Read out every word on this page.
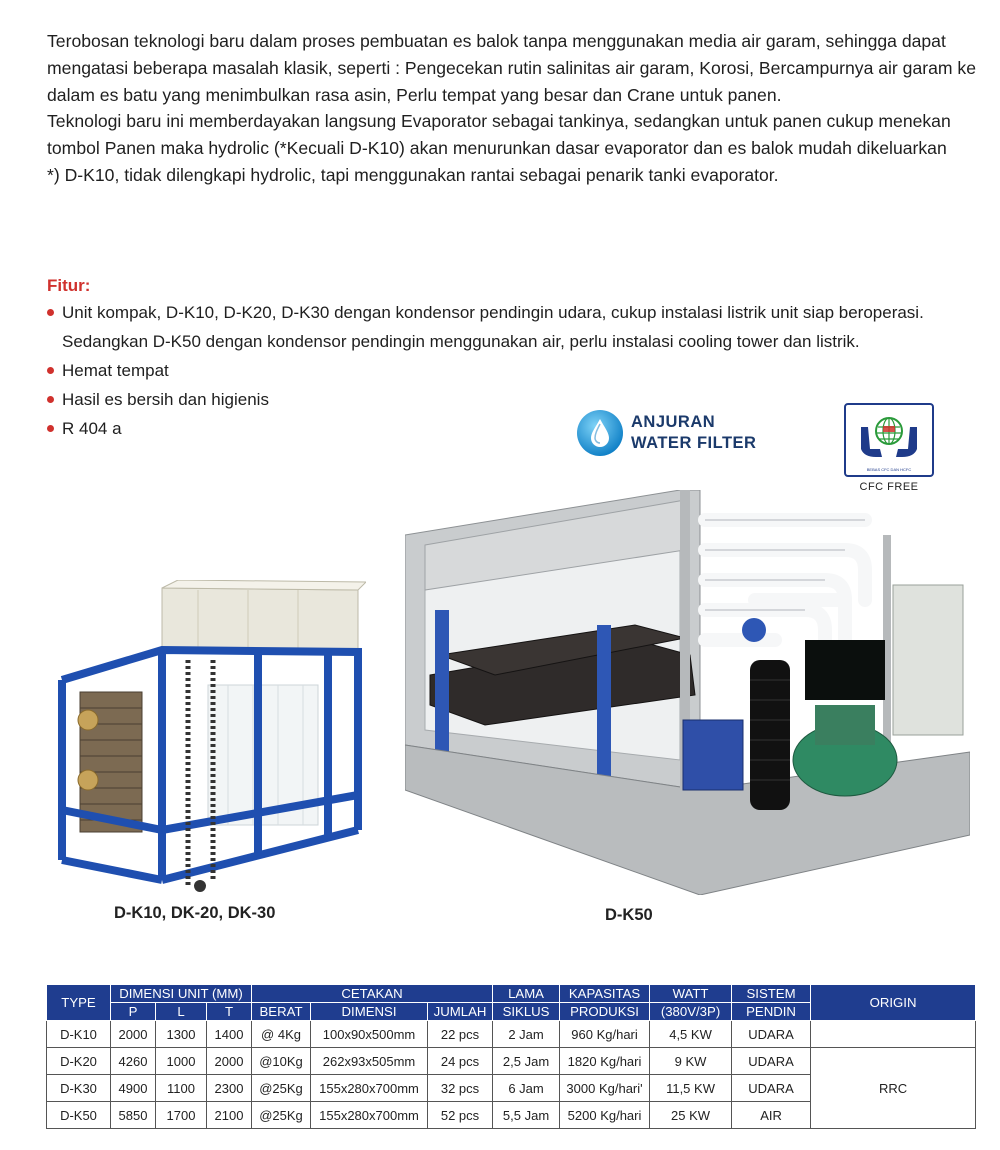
Terobosan teknologi baru dalam proses pembuatan es balok tanpa menggunakan media air garam, sehingga dapat mengatasi beberapa masalah klasik, seperti : Pengecekan rutin salinitas air garam, Korosi, Bercampurnya air garam ke dalam es batu yang menimbulkan rasa asin, Perlu tempat yang besar dan Crane untuk panen.

Teknologi baru ini memberdayakan langsung Evaporator sebagai tankinya, sedangkan untuk panen cukup menekan tombol Panen maka hydrolic (*Kecuali D-K10) akan menurunkan dasar evaporator dan es balok mudah dikeluarkan

*) D-K10, tidak dilengkapi hydrolic, tapi menggunakan rantai sebagai penarik tanki evaporator.

Fitur:
Unit kompak, D-K10, D-K20, D-K30 dengan kondensor pendingin udara, cukup instalasi listrik unit siap beroperasi. Sedangkan D-K50 dengan kondensor pendingin menggunakan air, perlu instalasi cooling tower dan listrik.
Hemat tempat
Hasil es bersih dan higienis
R 404 a	ANJURAN
WATER FILTER
BEBAS CFC DAN HCFC
CFC FREE
D-K10, DK-20, DK-30	D-K50
TYPE	DIMENSI UNIT (MM)			CETAKAN			LAMA	KAPASITAS	WATT	SISTEM	ORIGIN
	P	L	T	BERAT	DIMENSI	JUMLAH	SIKLUS	PRODUKSI	(380V/3P)	PENDIN	
D-K10	2000	1300	1400	@ 4Kg	100x90x500mm	22 pcs	2 Jam	960 Kg/hari	4,5 KW	UDARA	
D-K20	4260	1000	2000	@10Kg	262x93x505mm	24 pcs	2,5 Jam	1820 Kg/hari	9 KW	UDARA	RRC
D-K30	4900	1100	2300	@25Kg	155x280x700mm	32 pcs	6 Jam	3000 Kg/hari'	11,5 KW	UDARA	
D-K50	5850	1700	2100	@25Kg	155x280x700mm	52 pcs	5,5 Jam	5200 Kg/hari	25 KW	AIR	
